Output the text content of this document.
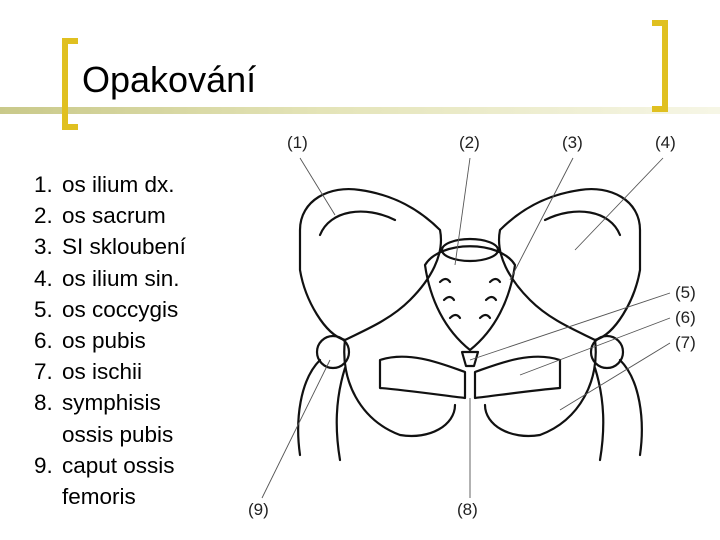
Opakování
1. os ilium dx.
2. os sacrum
3. SI skloubení
4. os ilium sin.
5. os coccygis
6. os pubis
7. os ischii
8. symphisis
ossis pubis
9. caput ossis
femoris
(1)	(2)	(3)	(4)
(5)
(6)
(7)
(8)
(9)
